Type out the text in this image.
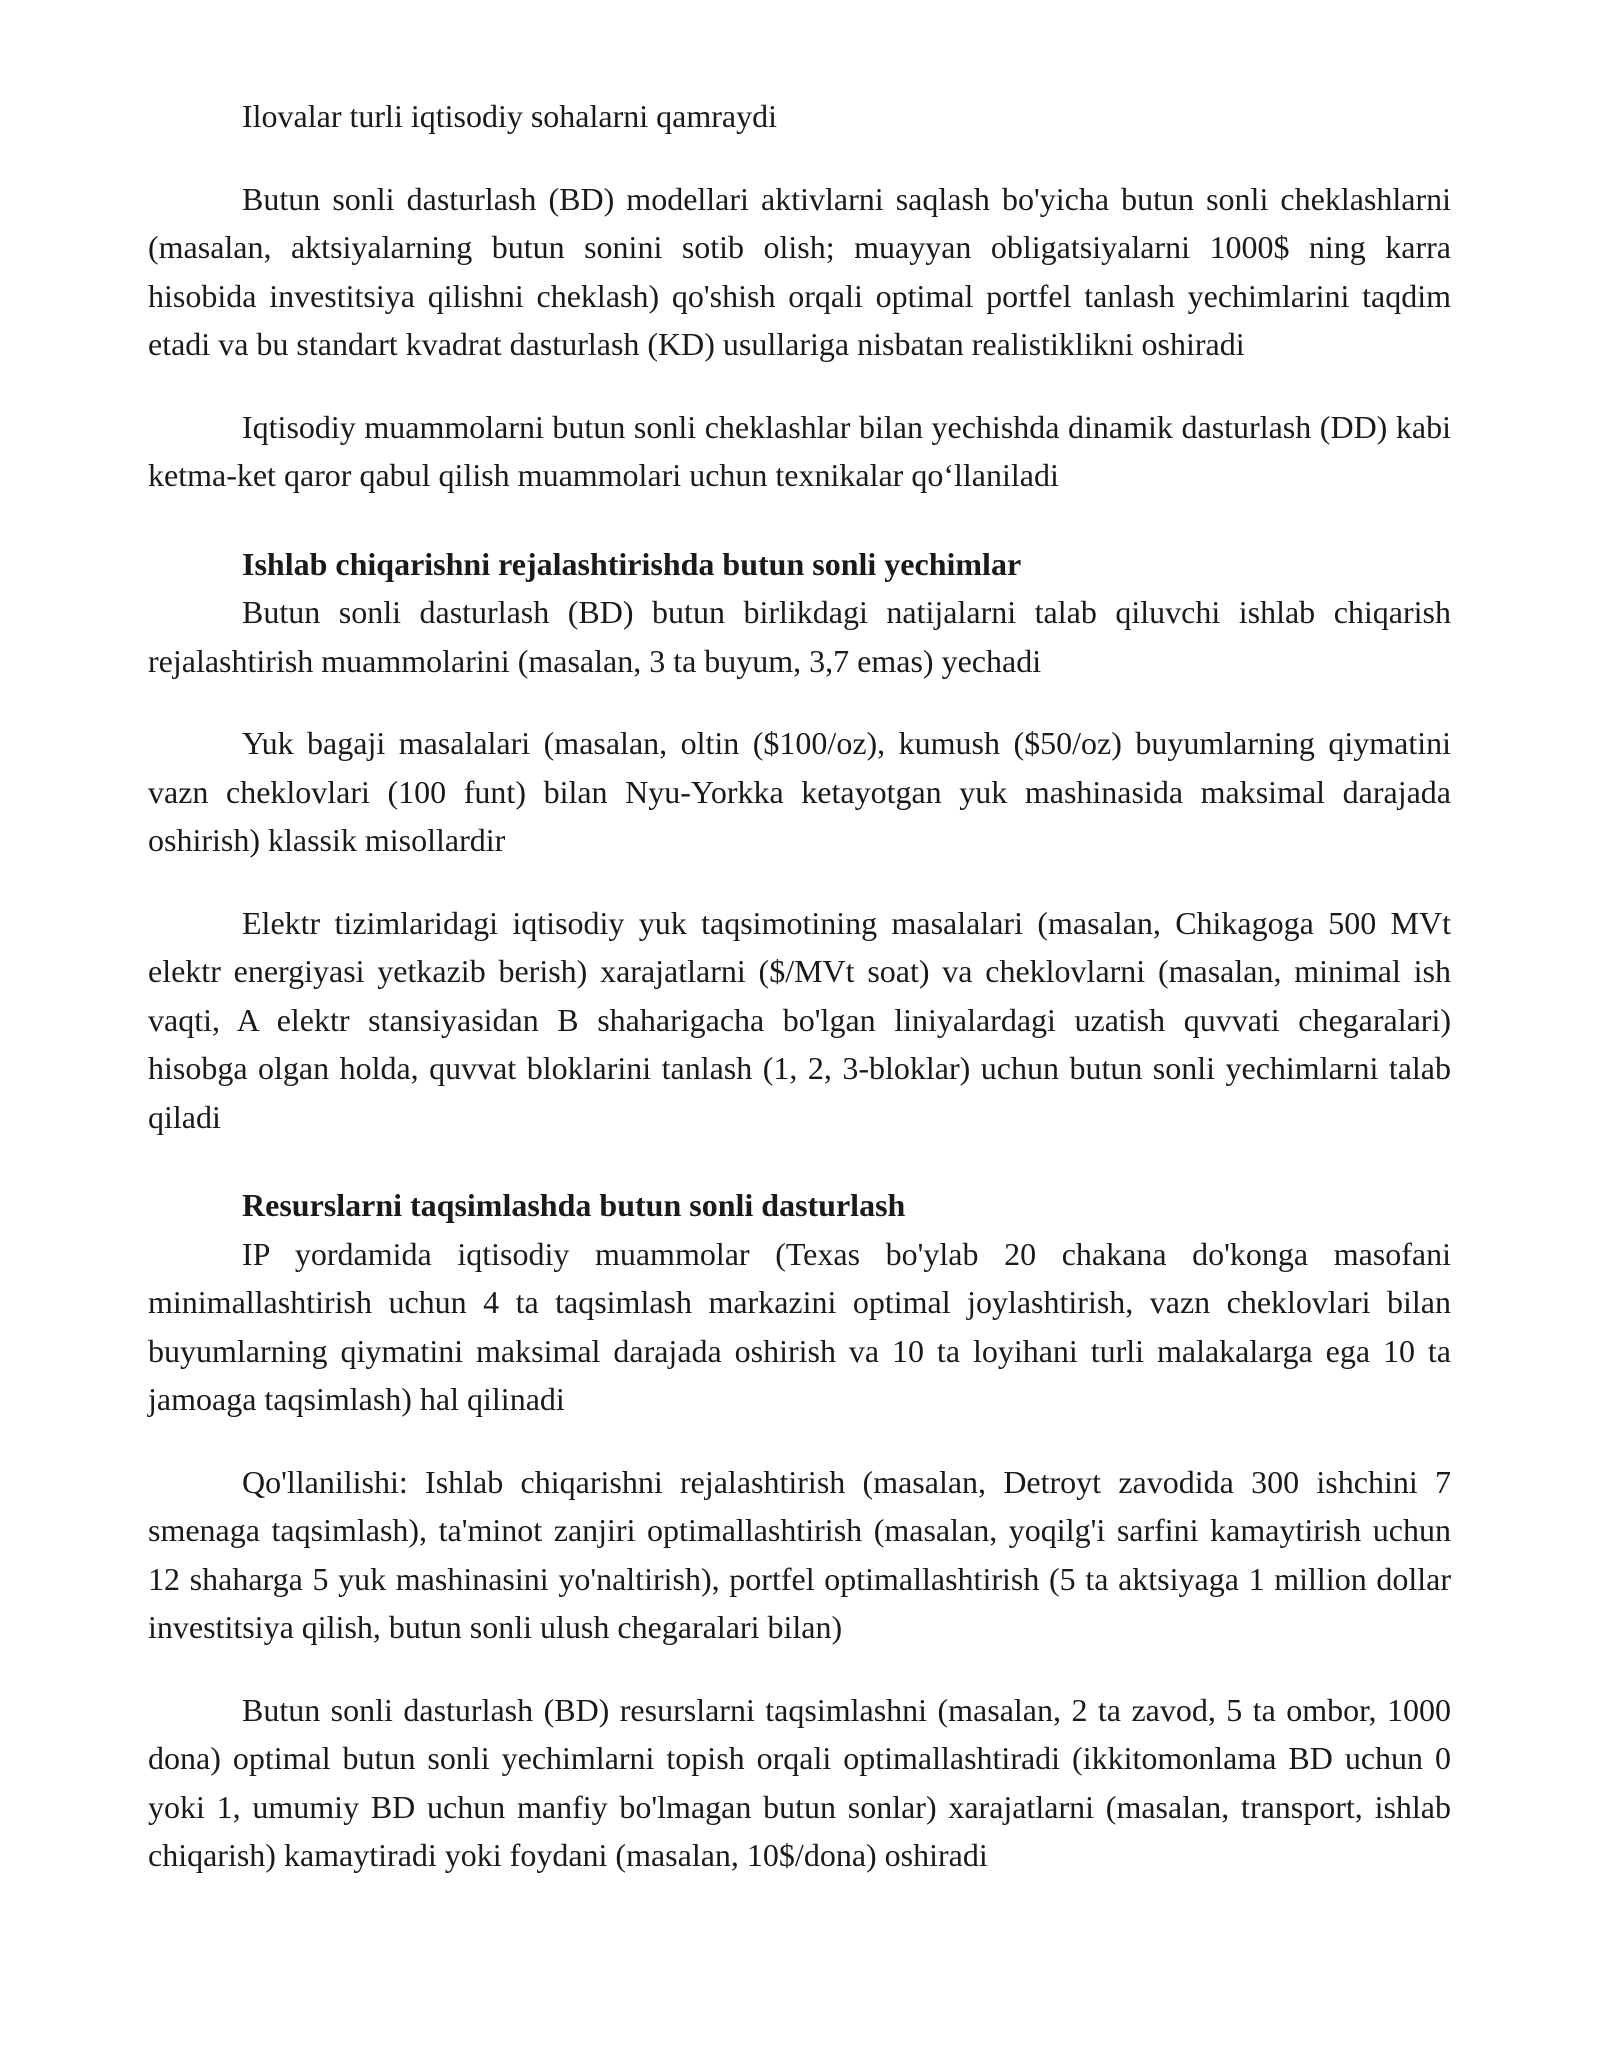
Ilovalar turli iqtisodiy sohalarni qamraydi

Butun sonli dasturlash (BD) modellari aktivlarni saqlash bo'yicha butun sonli cheklashlarni (masalan, aktsiyalarning butun sonini sotib olish; muayyan obligatsiyalarni 1000$ ning karra hisobida investitsiya qilishni cheklash) qo'shish orqali optimal portfel tanlash yechimlarini taqdim etadi va bu standart kvadrat dasturlash (KD) usullariga nisbatan realistiklikni oshiradi

Iqtisodiy muammolarni butun sonli cheklashlar bilan yechishda dinamik dasturlash (DD) kabi ketma-ket qaror qabul qilish muammolari uchun texnikalar qo‘llaniladi

Ishlab chiqarishni rejalashtirishda butun sonli yechimlar

Butun sonli dasturlash (BD) butun birlikdagi natijalarni talab qiluvchi ishlab chiqarish rejalashtirish muammolarini (masalan, 3 ta buyum, 3,7 emas) yechadi

Yuk bagaji masalalari (masalan, oltin ($100/oz), kumush ($50/oz) buyumlarning qiymatini vazn cheklovlari (100 funt) bilan Nyu-Yorkka ketayotgan yuk mashinasida maksimal darajada oshirish) klassik misollardir

Elektr tizimlaridagi iqtisodiy yuk taqsimotining masalalari (masalan, Chikagoga 500 MVt elektr energiyasi yetkazib berish) xarajatlarni ($/MVt soat) va cheklovlarni (masalan, minimal ish vaqti, A elektr stansiyasidan B shaharigacha bo'lgan liniyalardagi uzatish quvvati chegaralari) hisobga olgan holda, quvvat bloklarini tanlash (1, 2, 3-bloklar) uchun butun sonli yechimlarni talab qiladi

Resurslarni taqsimlashda butun sonli dasturlash

IP yordamida iqtisodiy muammolar (Texas bo'ylab 20 chakana do'konga masofani minimallashtirish uchun 4 ta taqsimlash markazini optimal joylashtirish, vazn cheklovlari bilan buyumlarning qiymatini maksimal darajada oshirish va 10 ta loyihani turli malakalarga ega 10 ta jamoaga taqsimlash) hal qilinadi

Qo'llanilishi: Ishlab chiqarishni rejalashtirish (masalan, Detroyt zavodida 300 ishchini 7 smenaga taqsimlash), ta'minot zanjiri optimallashtirish (masalan, yoqilg'i sarfini kamaytirish uchun 12 shaharga 5 yuk mashinasini yo'naltirish), portfel optimallashtirish (5 ta aktsiyaga 1 million dollar investitsiya qilish, butun sonli ulush chegaralari bilan)

Butun sonli dasturlash (BD) resurslarni taqsimlashni (masalan, 2 ta zavod, 5 ta ombor, 1000 dona) optimal butun sonli yechimlarni topish orqali optimallashtiradi (ikkitomonlama BD uchun 0 yoki 1, umumiy BD uchun manfiy bo'lmagan butun sonlar) xarajatlarni (masalan, transport, ishlab chiqarish) kamaytiradi yoki foydani (masalan, 10$/dona) oshiradi
